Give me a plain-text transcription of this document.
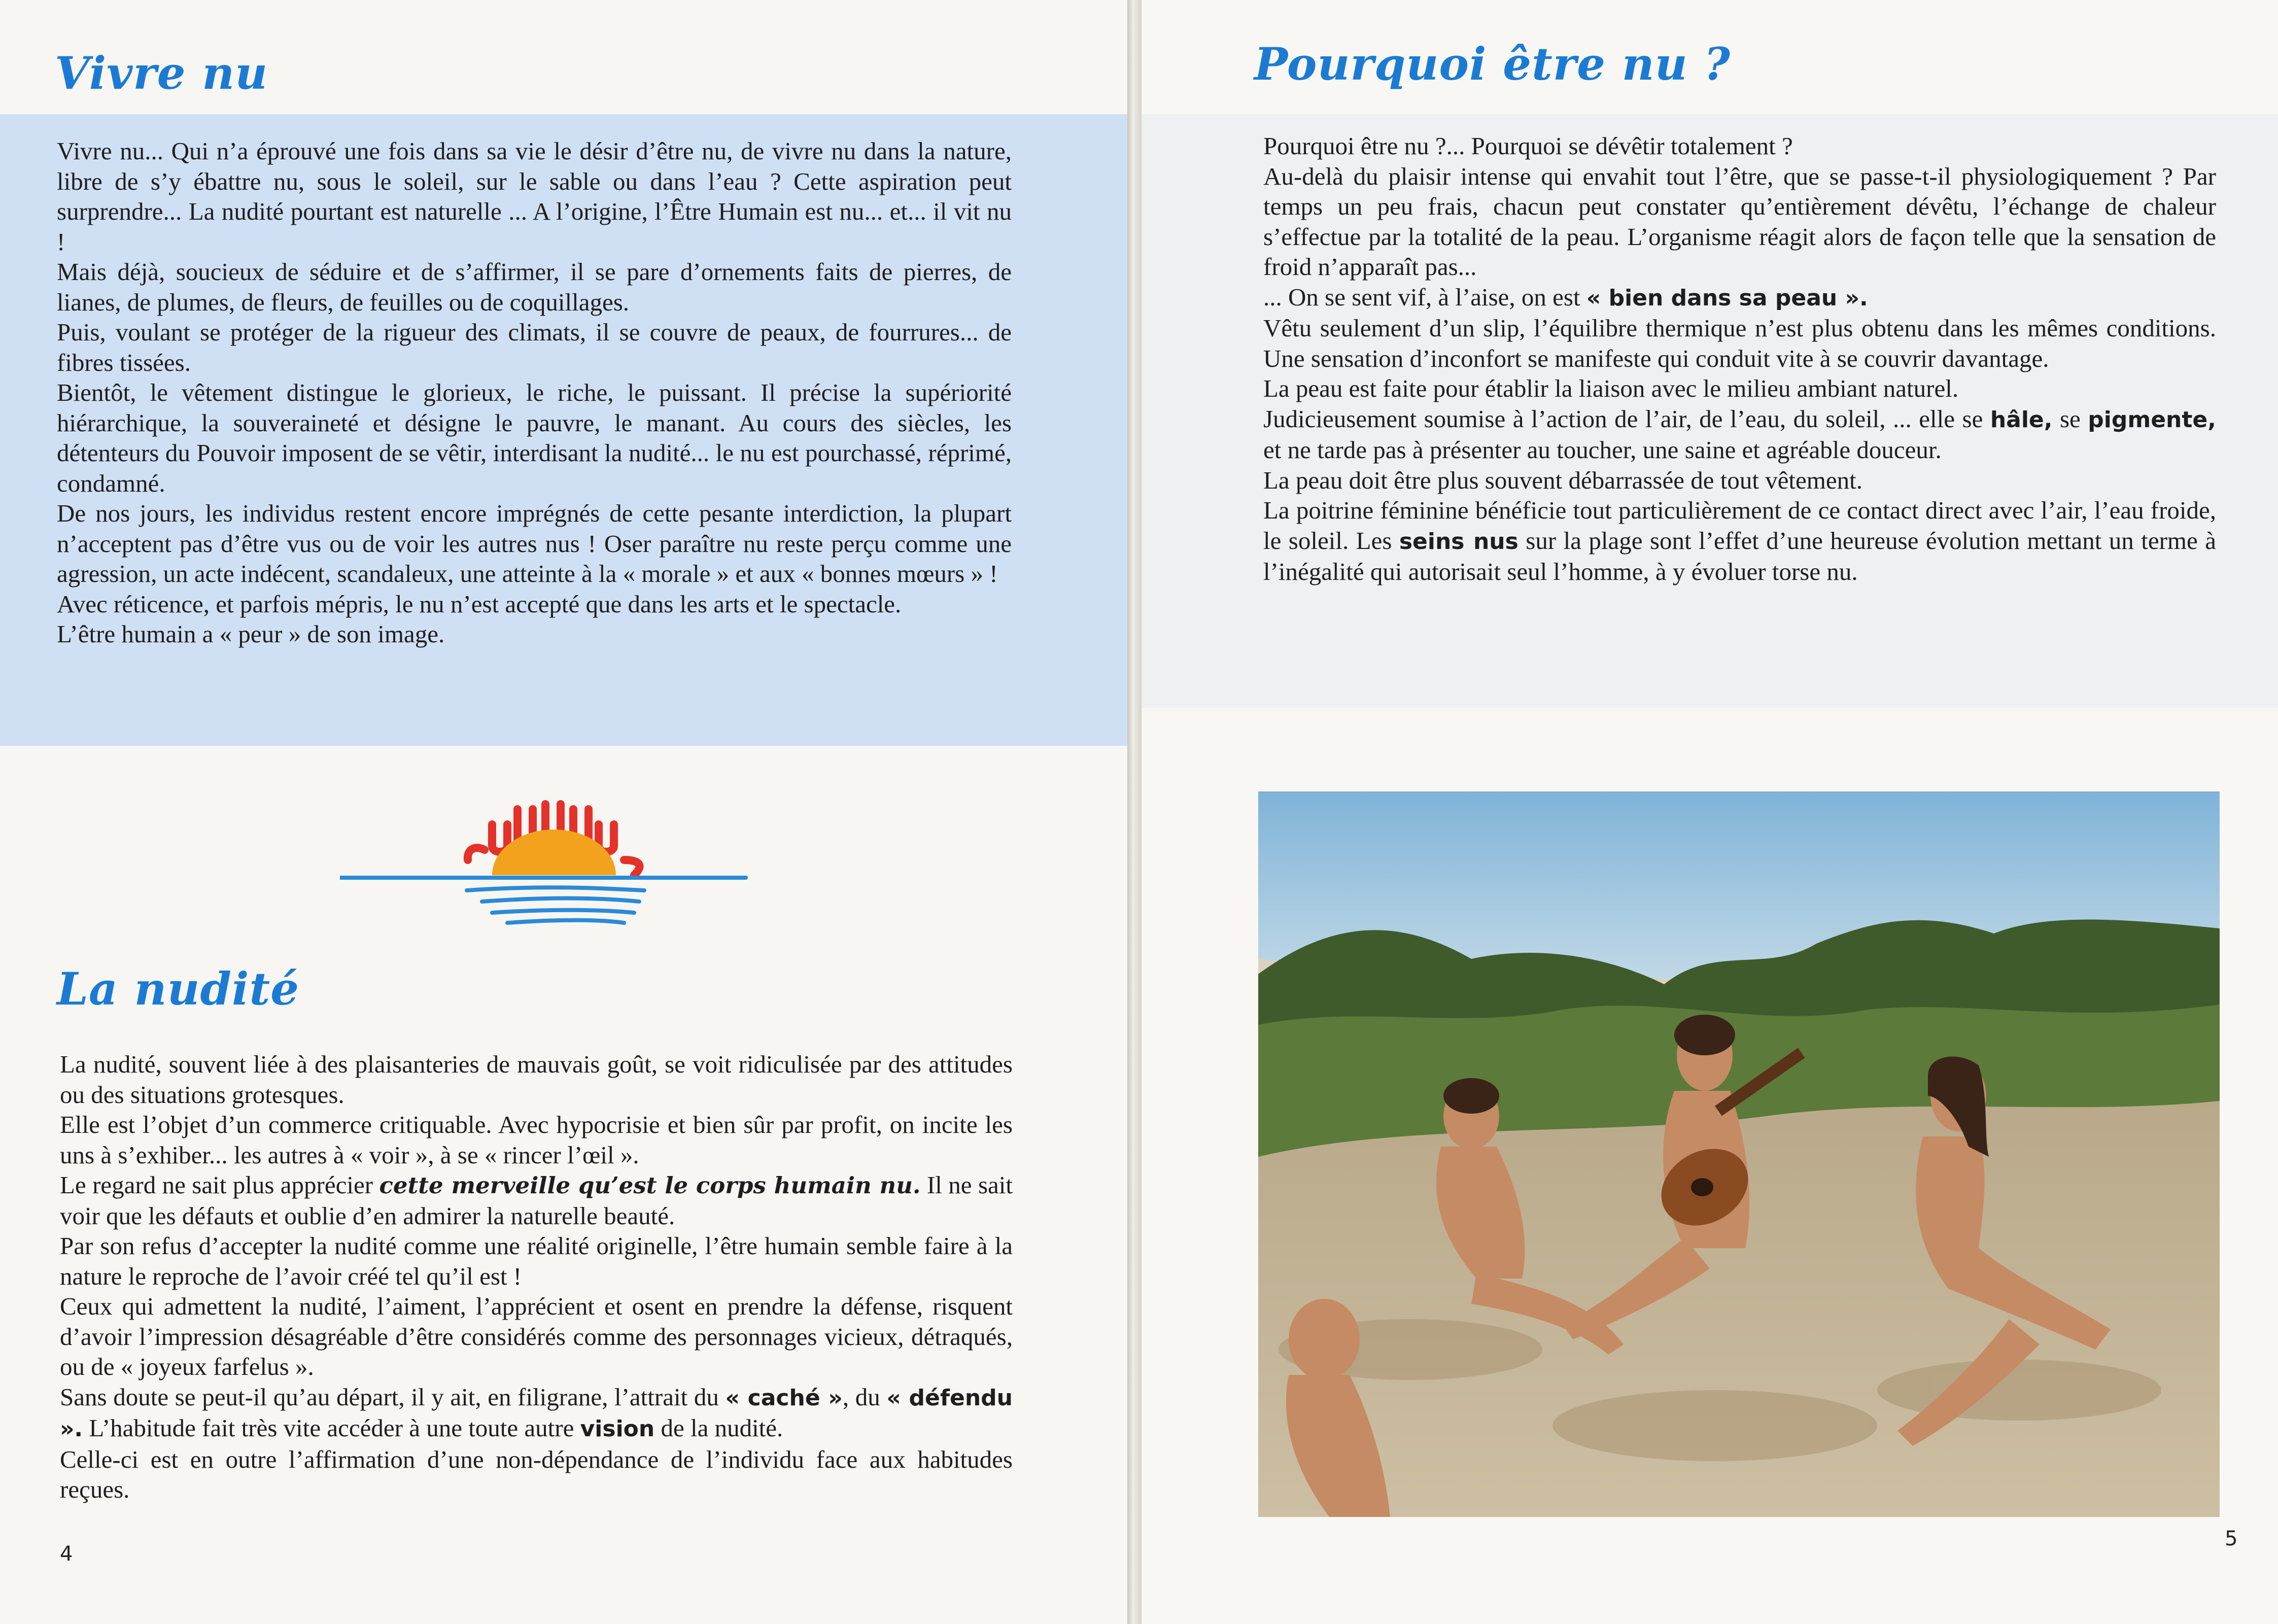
Vivre nu

Vivre nu... Qui n’a éprouvé une fois dans sa vie le désir d’être nu, de vivre nu dans la nature, libre de s’y ébattre nu, sous le soleil, sur le sable ou dans l’eau ? Cette aspiration peut surprendre... La nudité pourtant est naturelle ... A l’origine, l’Être Humain est nu... et... il vit nu !

Mais déjà, soucieux de séduire et de s’affirmer, il se pare d’ornements faits de pierres, de lianes, de plumes, de fleurs, de feuilles ou de coquillages.

Puis, voulant se protéger de la rigueur des climats, il se couvre de peaux, de fourrures... de fibres tissées.

Bientôt, le vêtement distingue le glorieux, le riche, le puissant. Il précise la supériorité hiérarchique, la souveraineté et désigne le pauvre, le manant. Au cours des siècles, les détenteurs du Pouvoir imposent de se vêtir, interdisant la nudité... le nu est pourchassé, réprimé, condamné.

De nos jours, les individus restent encore imprégnés de cette pesante interdiction, la plupart n’acceptent pas d’être vus ou de voir les autres nus ! Oser paraître nu reste perçu comme une agression, un acte indécent, scandaleux, une atteinte à la « morale » et aux « bonnes mœurs » !

Avec réticence, et parfois mépris, le nu n’est accepté que dans les arts et le spectacle.

L’être humain a « peur » de son image.

La nudité

La nudité, souvent liée à des plaisanteries de mauvais goût, se voit ridiculisée par des attitudes ou des situations grotesques.

Elle est l’objet d’un commerce critiquable. Avec hypocrisie et bien sûr par profit, on incite les uns à s’exhiber... les autres à « voir », à se « rincer l’œil ».

Le regard ne sait plus apprécier cette merveille qu’est le corps humain nu. Il ne sait voir que les défauts et oublie d’en admirer la naturelle beauté.

Par son refus d’accepter la nudité comme une réalité originelle, l’être humain semble faire à la nature le reproche de l’avoir créé tel qu’il est !

Ceux qui admettent la nudité, l’aiment, l’apprécient et osent en prendre la défense, risquent d’avoir l’impression désagréable d’être considérés comme des personnages vicieux, détraqués, ou de « joyeux farfelus ».

Sans doute se peut-il qu’au départ, il y ait, en filigrane, l’attrait du « caché », du « défendu ». L’habitude fait très vite accéder à une toute autre vision de la nudité.

Celle-ci est en outre l’affirmation d’une non-dépendance de l’individu face aux habitudes reçues.

4
Pourquoi être nu ?

Pourquoi être nu ?... Pourquoi se dévêtir totalement ?

Au-delà du plaisir intense qui envahit tout l’être, que se passe-t-il physiologiquement ? Par temps un peu frais, chacun peut constater qu’entièrement dévêtu, l’échange de chaleur s’effectue par la totalité de la peau. L’organisme réagit alors de façon telle que la sensation de froid n’apparaît pas...

... On se sent vif, à l’aise, on est « bien dans sa peau ».

Vêtu seulement d’un slip, l’équilibre thermique n’est plus obtenu dans les mêmes conditions. Une sensation d’inconfort se manifeste qui conduit vite à se couvrir davantage.

La peau est faite pour établir la liaison avec le milieu ambiant naturel.

Judicieusement soumise à l’action de l’air, de l’eau, du soleil, ... elle se hâle, se pigmente, et ne tarde pas à présenter au toucher, une saine et agréable douceur.

La peau doit être plus souvent débarrassée de tout vêtement.

La poitrine féminine bénéficie tout particulièrement de ce contact direct avec l’air, l’eau froide, le soleil. Les seins nus sur la plage sont l’effet d’une heureuse évolution mettant un terme à l’inégalité qui autorisait seul l’homme, à y évoluer torse nu.

5
